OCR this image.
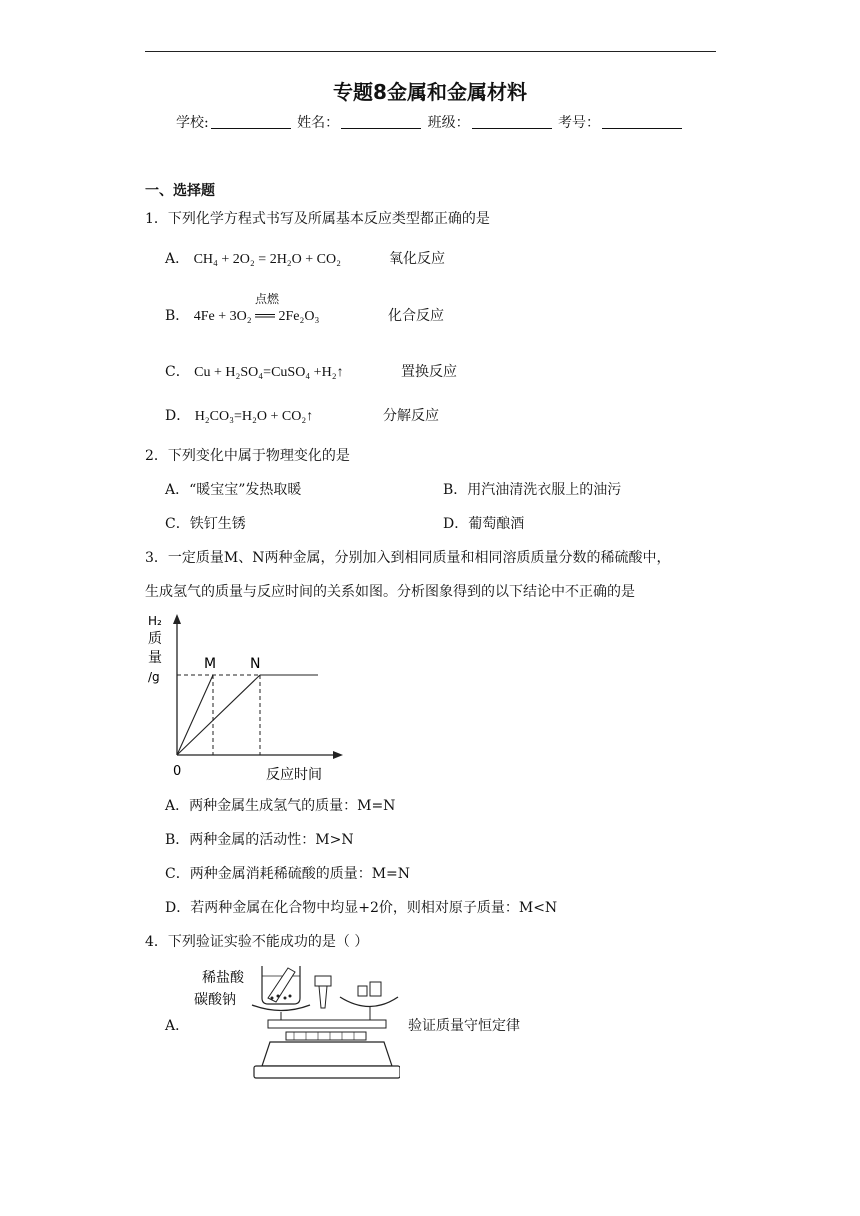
专题8金属和金属材料
学校:	姓名：	班级：	考号：
一、选择题
1．下列化学方程式书写及所属基本反应类型都正确的是
A． CH₄ + 2O₂ = 2H₂O + CO₂	氧化反应
点燃
B． 4Fe + 3O₂ ══ 2Fe₂O₃	化合反应
C． Cu + H₂SO₄=CuSO₄ +H₂↑	置换反应
D． H₂CO₃=H₂O + CO₂↑	分解反应
2．下列变化中属于物理变化的是
A．“暖宝宝”发热取暖	B．用汽油清洗衣服上的油污
C．铁钉生锈	D．葡萄酿酒
3．一定质量M、N两种金属，分别加入到相同质量和相同溶质质量分数的稀硫酸中，
生成氢气的质量与反应时间的关系如图。分析图象得到的以下结论中不正确的是
H₂
质
量
/g
0
M N
反应时间
A．两种金属生成氢气的质量：M=N
B．两种金属的活动性：M>N
C．两种金属消耗稀硫酸的质量：M=N
D．若两种金属在化合物中均显+2价，则相对原子质量：M<N
4．下列验证实验不能成功的是（ ）
A．
稀盐酸
碳酸钠
验证质量守恒定律
